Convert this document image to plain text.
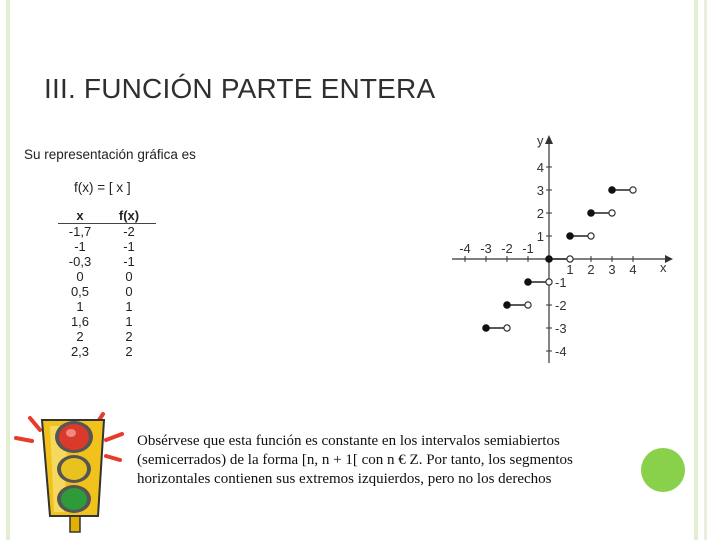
III. FUNCIÓN PARTE ENTERA
Su representación gráfica es
f(x) = [ x ]
x	f(x)
-1,7	-2
-1	-1
-0,3	-1
0	0
0,5	0
1	1
1,6	1
2	2
2,3	2
x
y
-4 -3 -2 -1
1 2 3 4
4
3
2
1
-1
-2
-3
-4

Obsérvese que esta función es constante en los intervalos semiabiertos (semicerrados) de la forma [n, n + 1[ con n € Z. Por tanto, los segmentos horizontales contienen sus extremos izquierdos, pero no los derechos
